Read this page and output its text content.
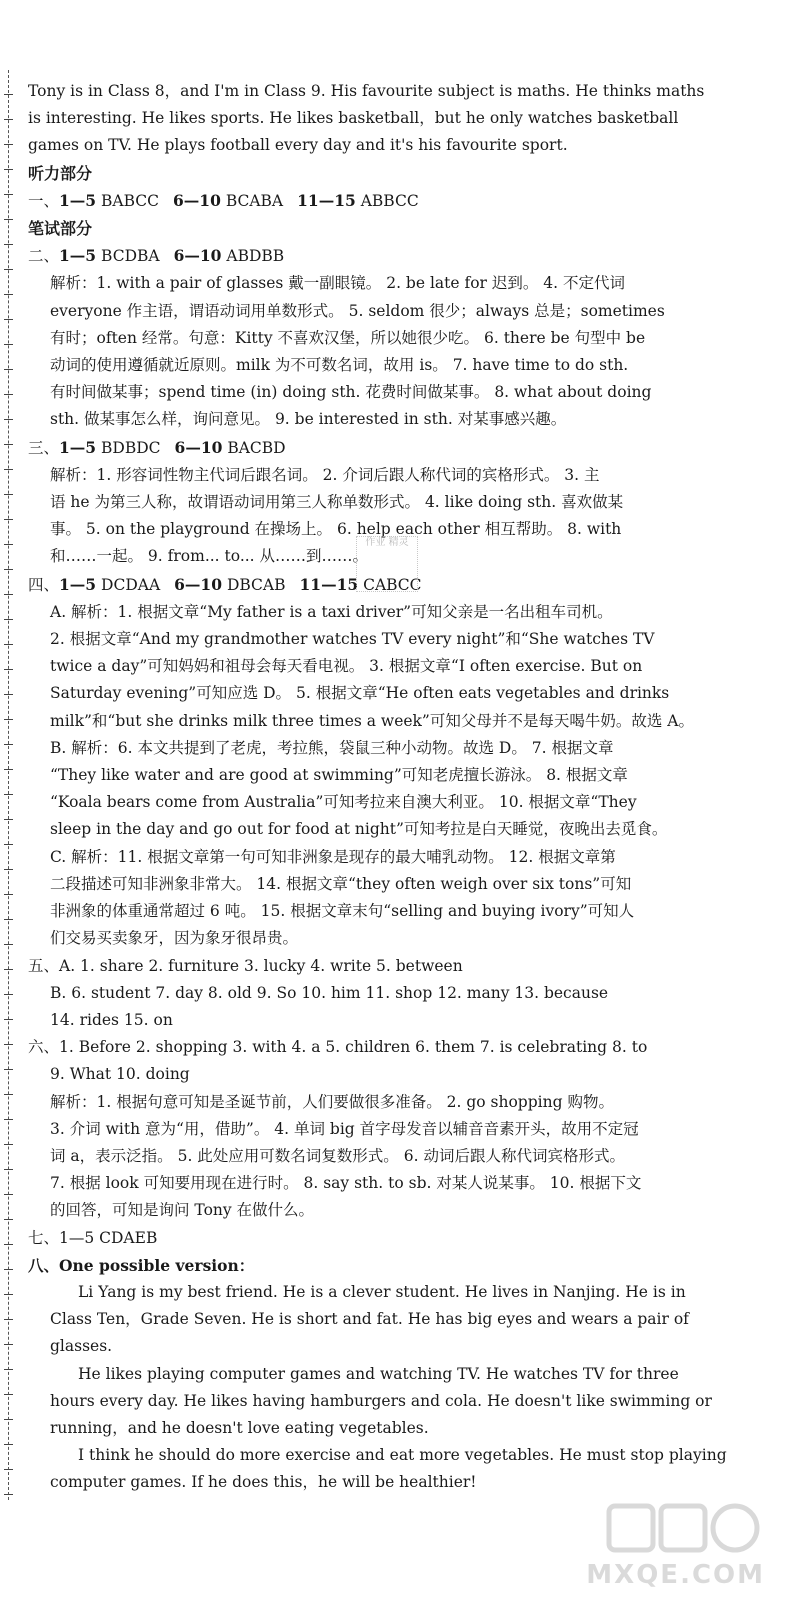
Tony is in Class 8，and I'm in Class 9. His favourite subject is maths. He thinks maths

is interesting. He likes sports. He likes basketball，but he only watches basketball

games on TV. He plays football every day and it's his favourite sport.

听力部分

一、1—5 BABCC 6—10 BCABA 11—15 ABBCC

笔试部分

二、1—5 BCDBA 6—10 ABDBB

解析：1. with a pair of glasses 戴一副眼镜。 2. be late for 迟到。 4. 不定代词

everyone 作主语，谓语动词用单数形式。 5. seldom 很少；always 总是；sometimes

有时；often 经常。句意：Kitty 不喜欢汉堡，所以她很少吃。 6. there be 句型中 be

动词的使用遵循就近原则。milk 为不可数名词，故用 is。 7. have time to do sth.

有时间做某事；spend time (in) doing sth. 花费时间做某事。 8. what about doing

sth. 做某事怎么样，询问意见。 9. be interested in sth. 对某事感兴趣。

三、1—5 BDBDC 6—10 BACBD

解析：1. 形容词性物主代词后跟名词。 2. 介词后跟人称代词的宾格形式。 3. 主

语 he 为第三人称，故谓语动词用第三人称单数形式。 4. like doing sth. 喜欢做某

事。 5. on the playground 在操场上。 6. help each other 相互帮助。 8. with

和……一起。 9. from... to... 从……到……。

四、1—5 DCDAA 6—10 DBCAB 11—15 CABCC

A. 解析：1. 根据文章“My father is a taxi driver”可知父亲是一名出租车司机。

2. 根据文章“And my grandmother watches TV every night”和“She watches TV

twice a day”可知妈妈和祖母会每天看电视。 3. 根据文章“I often exercise. But on

Saturday evening”可知应选 D。 5. 根据文章“He often eats vegetables and drinks

milk”和“but she drinks milk three times a week”可知父母并不是每天喝牛奶。故选 A。

B. 解析：6. 本文共提到了老虎，考拉熊，袋鼠三种小动物。故选 D。 7. 根据文章

“They like water and are good at swimming”可知老虎擅长游泳。 8. 根据文章

“Koala bears come from Australia”可知考拉来自澳大利亚。 10. 根据文章“They

sleep in the day and go out for food at night”可知考拉是白天睡觉，夜晚出去觅食。

C. 解析：11. 根据文章第一句可知非洲象是现存的最大哺乳动物。 12. 根据文章第

二段描述可知非洲象非常大。 14. 根据文章“they often weigh over six tons”可知

非洲象的体重通常超过 6 吨。 15. 根据文章末句“selling and buying ivory”可知人

们交易买卖象牙，因为象牙很昂贵。

五、A. 1. share 2. furniture 3. lucky 4. write 5. between

B. 6. student 7. day 8. old 9. So 10. him 11. shop 12. many 13. because

14. rides 15. on

六、1. Before 2. shopping 3. with 4. a 5. children 6. them 7. is celebrating 8. to

9. What 10. doing

解析：1. 根据句意可知是圣诞节前，人们要做很多准备。 2. go shopping 购物。

3. 介词 with 意为“用，借助”。 4. 单词 big 首字母发音以辅音音素开头，故用不定冠

词 a，表示泛指。 5. 此处应用可数名词复数形式。 6. 动词后跟人称代词宾格形式。

7. 根据 look 可知要用现在进行时。 8. say sth. to sb. 对某人说某事。 10. 根据下文

的回答，可知是询问 Tony 在做什么。

七、1—5 CDAEB

八、One possible version：

Li Yang is my best friend. He is a clever student. He lives in Nanjing. He is in Class Ten，Grade Seven. He is short and fat. He has big eyes and wears a pair of glasses.

He likes playing computer games and watching TV. He watches TV for three hours every day. He likes having hamburgers and cola. He doesn't like swimming or running，and he doesn't love eating vegetables.

I think he should do more exercise and eat more vegetables. He must stop playing computer games. If he does this，he will be healthier!

作业 精灵
MXQE.COM
